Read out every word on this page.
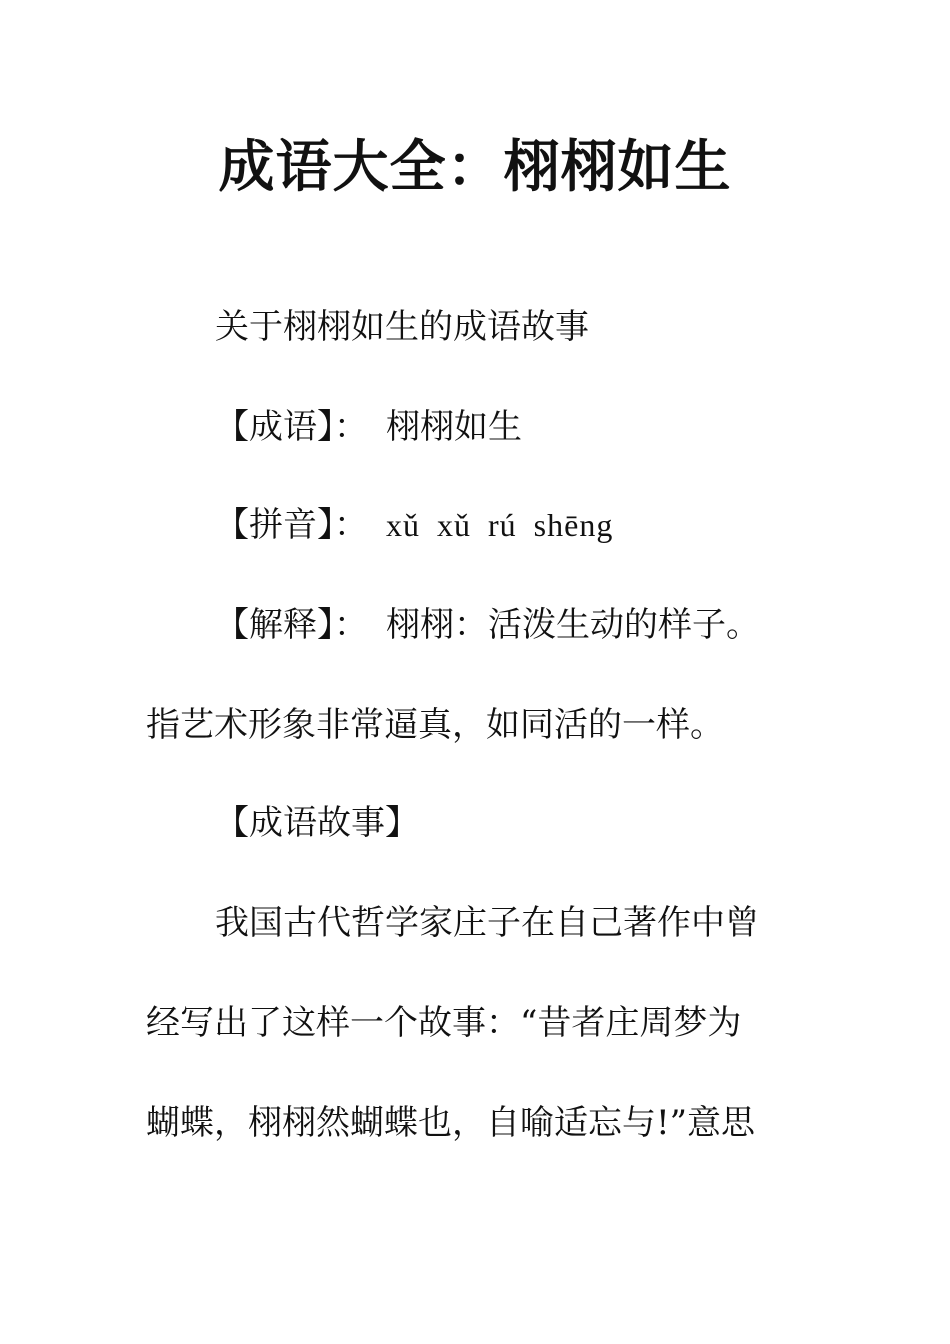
成语大全：栩栩如生
关于栩栩如生的成语故事
【成语】： 栩栩如生
【拼音】： xǔ xǔ rú shēng
【解释】： 栩栩：活泼生动的样子。
指艺术形象非常逼真，如同活的一样。
【成语故事】
我国古代哲学家庄子在自己著作中曾
经写出了这样一个故事：“昔者庄周梦为
蝴蝶，栩栩然蝴蝶也，自喻适忘与!”意思
